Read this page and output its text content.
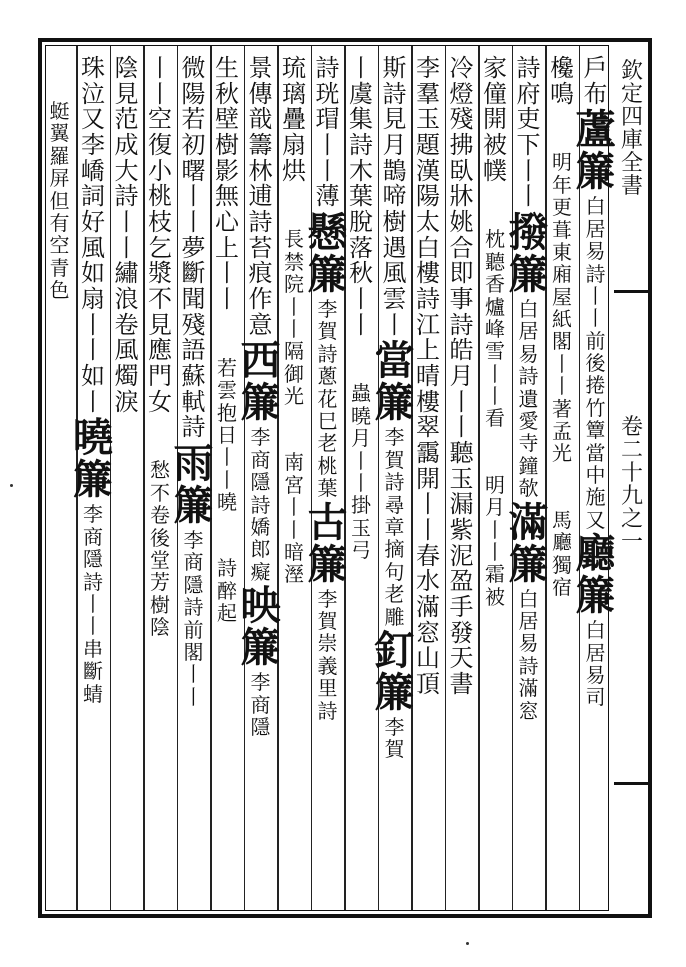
欽
定
四
庫
全
書
卷
二
十
九
之
一
戶
布
蘆
簾
白
居
易
詩
丨
丨
前
後
捲
竹
簟
當
中
施
又
廳
簾
白
居
易
司
欃
鳴
明
年
更
葺
東
廂
屋
紙
閣
丨
丨
著
孟
光
馬
廳
獨
宿
詩
府
吏
下
丨
丨
撥
簾
白
居
易
詩
遺
愛
寺
鐘
欹
滿
簾
白
居
易
詩
滿
窓
家
僮
開
被
幞
枕
聽
香
爐
峰
雪
丨
丨
看
明
月
丨
丨
霜
被
冷
燈
殘
拂
臥
牀
姚
合
即
事
詩
皓
月
丨
丨
聽
玉
漏
紫
泥
盈
手
發
天
書
李
羣
玉
題
漢
陽
太
白
樓
詩
江
上
晴
樓
翠
靄
開
丨
丨
春
水
滿
窓
山
頂
斯
詩
見
月
鵲
啼
樹
遇
風
雲
丨
當
簾
李
賀
詩
尋
章
摘
句
老
雕
釘
簾
李
賀
丨
虞
集
詩
木
葉
脫
落
秋
丨
丨
蟲
曉
月
丨
丨
掛
玉
弓
詩
珖
瑁
丨
丨
薄
懸
簾
李
賀
詩
蔥
花
巳
老
桃
葉
古
簾
李
賀
崇
義
里
詩
琉
璃
疊
扇
烘
長
禁
院
丨
丨
隔
御
光
南
宮
丨
丨
暗
溼
景
傳
戠
籌
林
逋
詩
苔
痕
作
意
西
簾
李
商
隱
詩
嬌
郎
癡
映
簾
李
商
隱
生
秋
壁
樹
影
無
心
上
丨
丨
若
雲
抱
日
丨
丨
曉
詩
醉
起
微
陽
若
初
曙
丨
丨
夢
斷
聞
殘
語
蘇
軾
詩
雨
簾
李
商
隱
詩
前
閣
丨
丨
丨
丨
空
復
小
桃
枝
乞
漿
不
見
應
門
女
愁
不
卷
後
堂
芳
樹
陰
陰
見
范
成
大
詩
丨
丨
繡
浪
卷
風
燭
淚
珠
泣
又
李
嶠
詞
好
風
如
扇
丨
丨
如
丨
曉
簾
李
商
隱
詩
丨
丨
串
斷
蜻
蜓
翼
羅
屏
但
有
空
青
色
